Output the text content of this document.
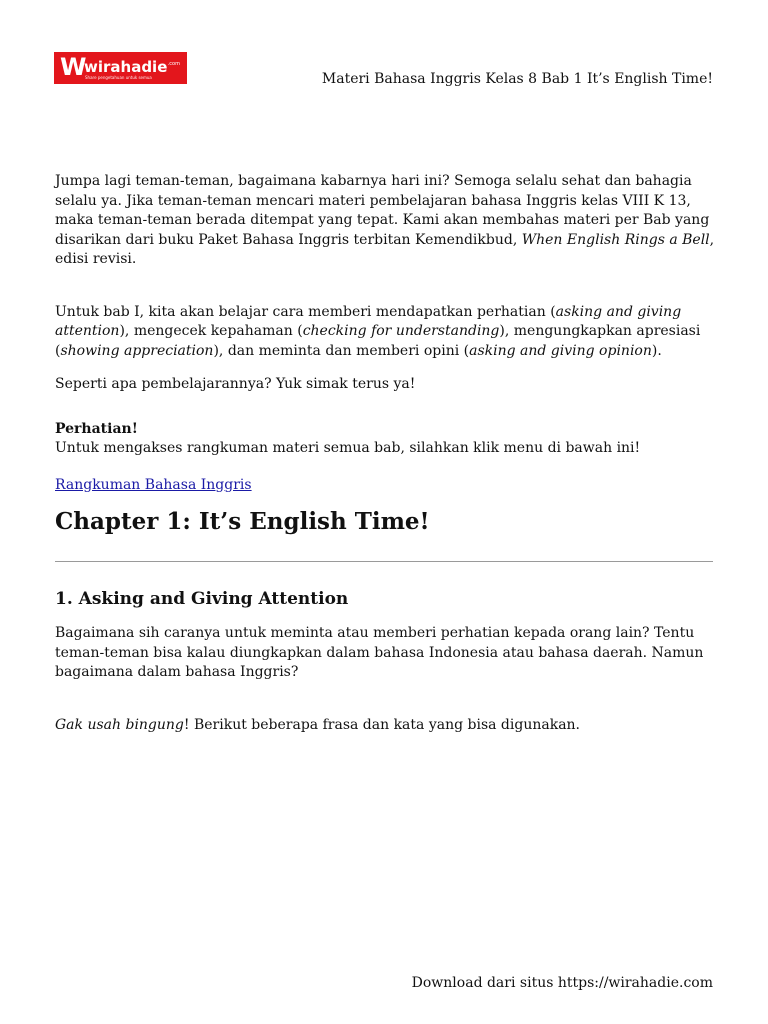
W wirahadie .com
Share pengetahuan untuk semua	Materi Bahasa Inggris Kelas 8 Bab 1 It’s English Time!

Jumpa lagi teman-teman, bagaimana kabarnya hari ini? Semoga selalu sehat dan bahagia selalu ya. Jika teman-teman mencari materi pembelajaran bahasa Inggris kelas VIII K 13, maka teman-teman berada ditempat yang tepat. Kami akan membahas materi per Bab yang disarikan dari buku Paket Bahasa Inggris terbitan Kemendikbud, When English Rings a Bell, edisi revisi.

Untuk bab I, kita akan belajar cara memberi mendapatkan perhatian (asking and giving attention), mengecek kepahaman (checking for understanding), mengungkapkan apresiasi (showing appreciation), dan meminta dan memberi opini (asking and giving opinion).

Seperti apa pembelajarannya? Yuk simak terus ya!

Perhatian!
Untuk mengakses rangkuman materi semua bab, silahkan klik menu di bawah ini!

Rangkuman Bahasa Inggris
Chapter 1: It’s English Time!
1. Asking and Giving Attention

Bagaimana sih caranya untuk meminta atau memberi perhatian kepada orang lain? Tentu teman-teman bisa kalau diungkapkan dalam bahasa Indonesia atau bahasa daerah. Namun bagaimana dalam bahasa Inggris?

Gak usah bingung! Berikut beberapa frasa dan kata yang bisa digunakan.

Download dari situs https://wirahadie.com
